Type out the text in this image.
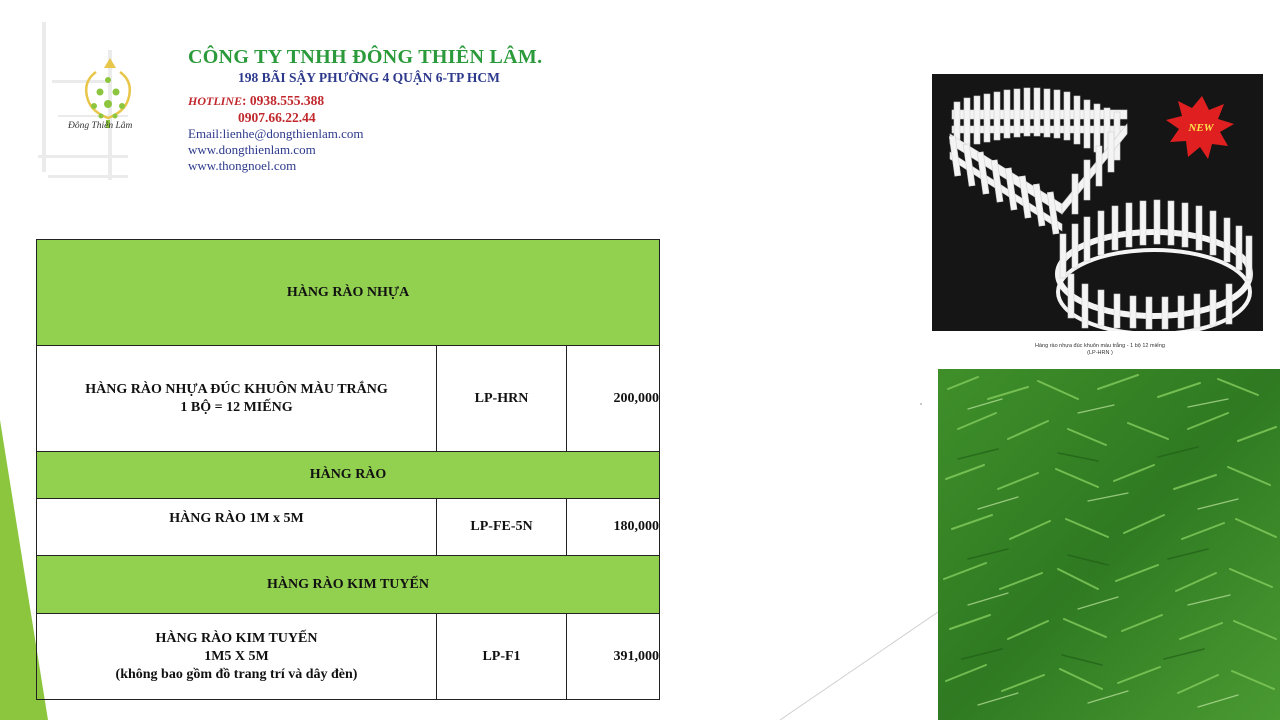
Đông Thiên Lâm
CÔNG TY TNHH ĐÔNG THIÊN LÂM.
198 BÃI SẬY PHƯỜNG 4 QUẬN 6-TP HCM
HOTLINE: 0938.555.388
0907.66.22.44
Email:lienhe@dongthienlam.com
www.dongthienlam.com
www.thongnoel.com
HÀNG RÀO NHỰA		

HÀNG RÀO NHỰA ĐÚC KHUÔN MÀU TRẮNG
1 BỘ = 12 MIẾNG	LP-HRN	200,000
HÀNG RÀO		
HÀNG RÀO 1M x 5M	LP-FE-5N	180,000
HÀNG RÀO KIM TUYẾN		

HÀNG RÀO KIM TUYẾN
1M5 X 5M
(không bao gồm đồ trang trí và dây đèn)	LP-F1	391,000
NEW
Hàng rào nhựa đúc khuôn màu trắng - 1 bộ 12 miếng
(LP-HRN )
